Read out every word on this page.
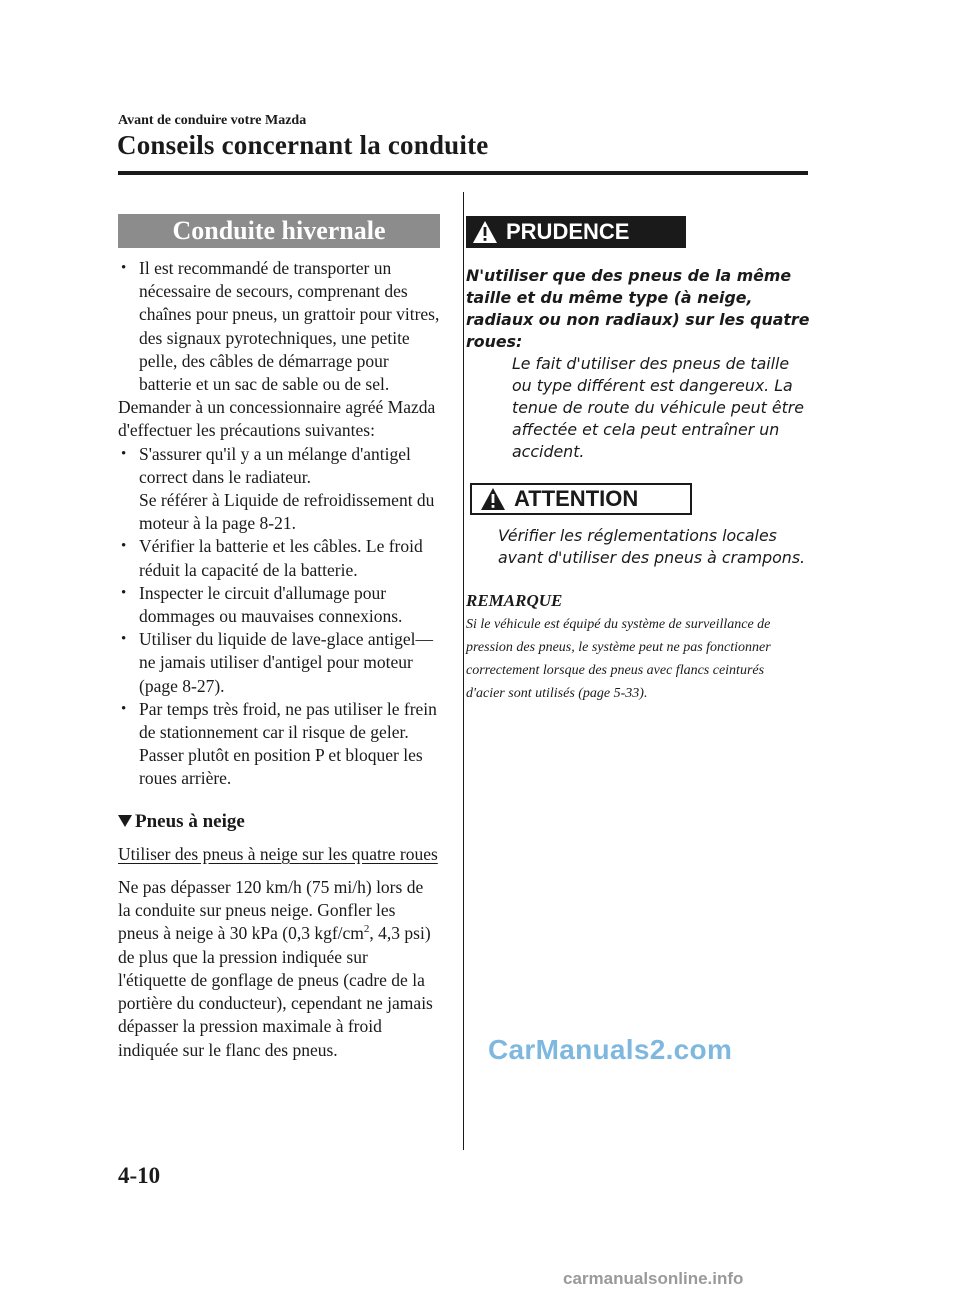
Avant de conduire votre Mazda
Conseils concernant la conduite
Conduite hivernale
• Il est recommandé de transporter un nécessaire de secours, comprenant des chaînes pour pneus, un grattoir pour vitres, des signaux pyrotechniques, une petite pelle, des câbles de démarrage pour batterie et un sac de sable ou de sel.
Demander à un concessionnaire agréé Mazda d'effectuer les précautions suivantes:
• S'assurer qu'il y a un mélange d'antigel correct dans le radiateur.
Se référer à Liquide de refroidissement du moteur à la page 8-21.
• Vérifier la batterie et les câbles. Le froid réduit la capacité de la batterie.
• Inspecter le circuit d'allumage pour dommages ou mauvaises connexions.
• Utiliser du liquide de lave-glace antigel—ne jamais utiliser d'antigel pour moteur (page 8-27).
• Par temps très froid, ne pas utiliser le frein de stationnement car il risque de geler. Passer plutôt en position P et bloquer les roues arrière.
Pneus à neige
Utiliser des pneus à neige sur les quatre roues
Ne pas dépasser 120 km/h (75 mi/h) lors de la conduite sur pneus neige. Gonfler les pneus à neige à 30 kPa (0,3 kgf/$cm^2$, 4,3 psi) de plus que la pression indiquée sur l'étiquette de gonflage de pneus (cadre de la portière du conducteur), cependant ne jamais dépasser la pression maximale à froid indiquée sur le flanc des pneus.
PRUDENCE
N'utiliser que des pneus de la même taille et du même type (à neige, radiaux ou non radiaux) sur les quatre roues:
Le fait d'utiliser des pneus de taille ou type différent est dangereux. La tenue de route du véhicule peut être affectée et cela peut entraîner un accident.
ATTENTION
Vérifier les réglementations locales avant d'utiliser des pneus à crampons.
REMARQUE
Si le véhicule est équipé du système de surveillance de pression des pneus, le système peut ne pas fonctionner correctement lorsque des pneus avec flancs ceinturés d'acier sont utilisés (page 5-33).
CarManuals2.com
4-10
carmanualsonline.info
